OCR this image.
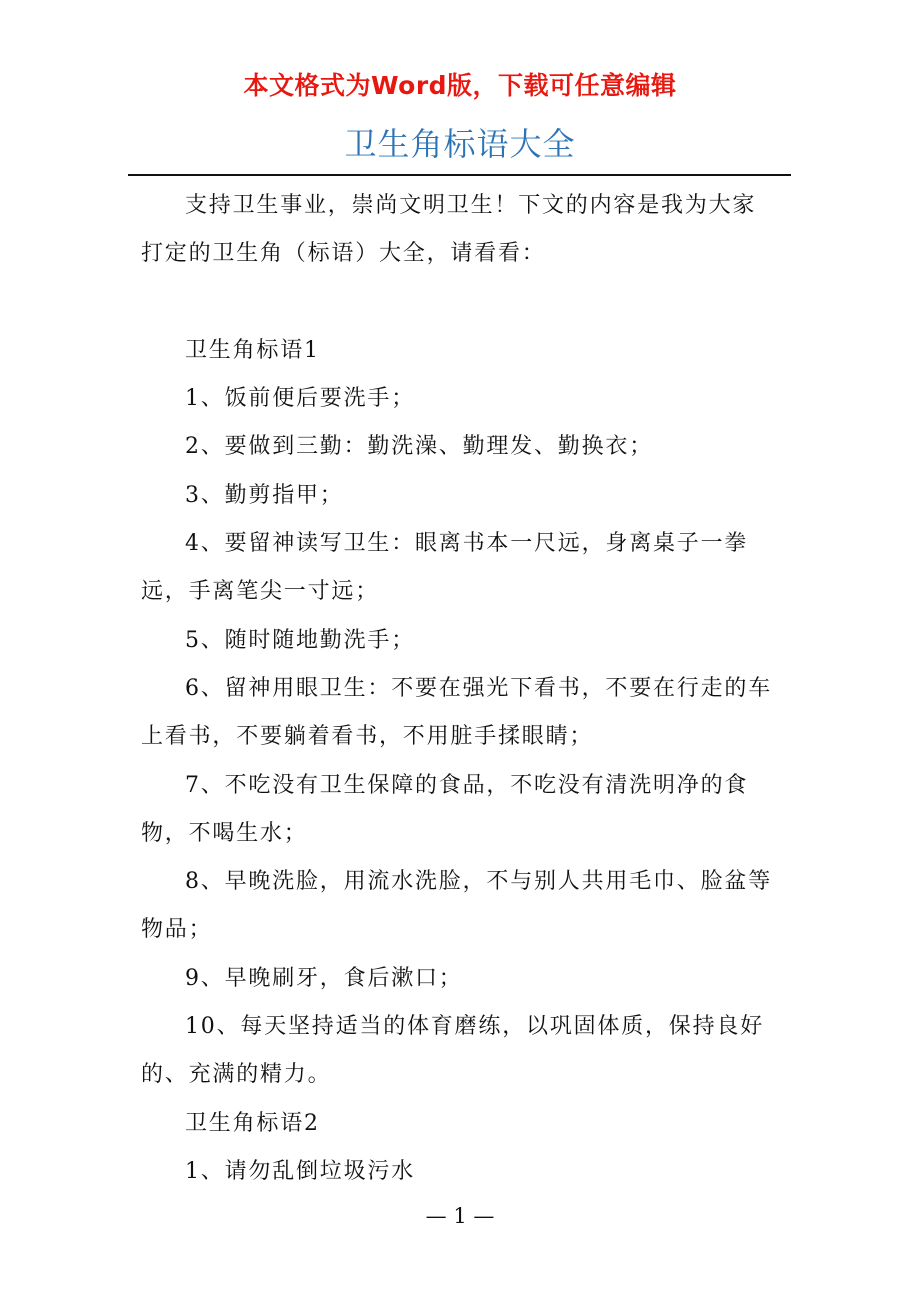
本文格式为Word版，下载可任意编辑
卫生角标语大全

支持卫生事业，崇尚文明卫生！下文的内容是我为大家打定的卫生角（标语）大全，请看看：

卫生角标语1

1、饭前便后要洗手；

2、要做到三勤：勤洗澡、勤理发、勤换衣；

3、勤剪指甲；

4、要留神读写卫生：眼离书本一尺远，身离桌子一拳远，手离笔尖一寸远；

5、随时随地勤洗手；

6、留神用眼卫生：不要在强光下看书，不要在行走的车上看书，不要躺着看书，不用脏手揉眼睛；

7、不吃没有卫生保障的食品，不吃没有清洗明净的食物，不喝生水；

8、早晚洗脸，用流水洗脸，不与别人共用毛巾、脸盆等物品；

9、早晚刷牙，食后漱口；

10、每天坚持适当的体育磨练，以巩固体质，保持良好的、充满的精力。

卫生角标语2

1、请勿乱倒垃圾污水

— 1 —
